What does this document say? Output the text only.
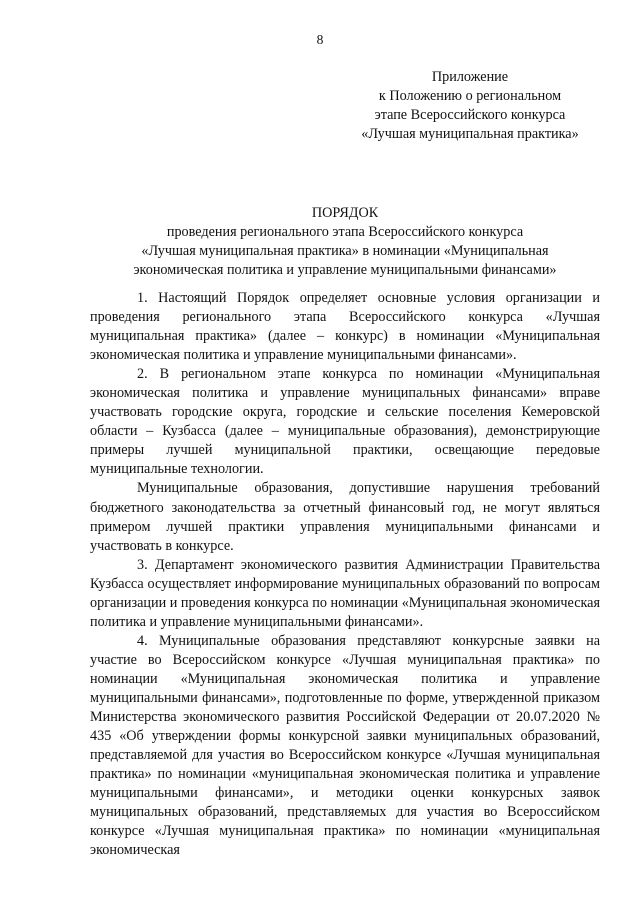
8
Приложение
к Положению о региональном
этапе Всероссийского конкурса
«Лучшая муниципальная практика»
ПОРЯДОК
проведения регионального этапа Всероссийского конкурса
«Лучшая муниципальная практика» в номинации «Муниципальная
экономическая политика и управление муниципальными финансами»

1. Настоящий Порядок определяет основные условия организации и проведения регионального этапа Всероссийского конкурса «Лучшая муниципальная практика» (далее – конкурс) в номинации «Муниципальная экономическая политика и управление муниципальными финансами».

2. В региональном этапе конкурса по номинации «Муниципальная экономическая политика и управление муниципальных финансами» вправе участвовать городские округа, городские и сельские поселения Кемеровской области – Кузбасса (далее – муниципальные образования), демонстрирующие примеры лучшей муниципальной практики, освещающие передовые муниципальные технологии.

Муниципальные образования, допустившие нарушения требований бюджетного законодательства за отчетный финансовый год, не могут являться примером лучшей практики управления муниципальными финансами и участвовать в конкурсе.

3. Департамент экономического развития Администрации Правительства Кузбасса осуществляет информирование муниципальных образований по вопросам организации и проведения конкурса по номинации «Муниципальная экономическая политика и управление муниципальными финансами».

4. Муниципальные образования представляют конкурсные заявки на участие во Всероссийском конкурсе «Лучшая муниципальная практика» по номинации «Муниципальная экономическая политика и управление муниципальными финансами», подготовленные по форме, утвержденной приказом Министерства экономического развития Российской Федерации от 20.07.2020 № 435 «Об утверждении формы конкурсной заявки муниципальных образований, представляемой для участия во Всероссийском конкурсе «Лучшая муниципальная практика» по номинации «муниципальная экономическая политика и управление муниципальными финансами», и методики оценки конкурсных заявок муниципальных образований, представляемых для участия во Всероссийском конкурсе «Лучшая муниципальная практика» по номинации «муниципальная экономическая
